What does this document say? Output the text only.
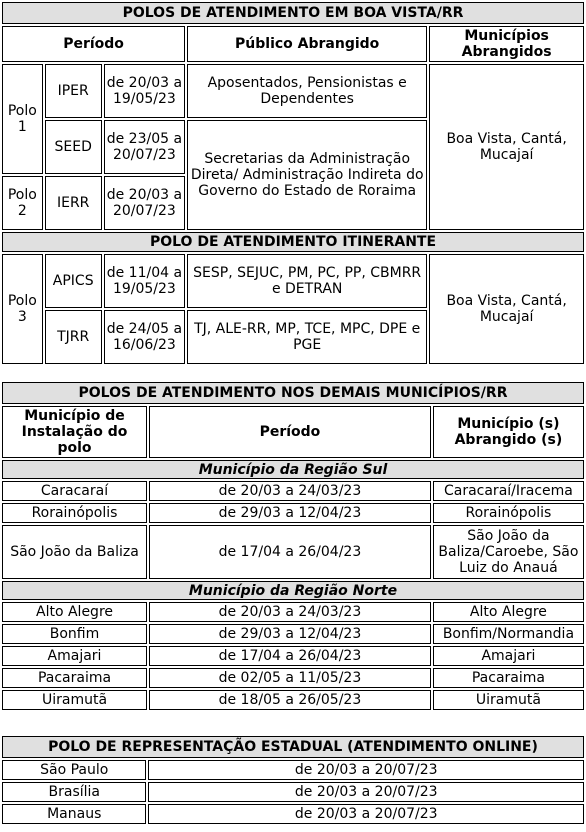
POLOS DE ATENDIMENTO EM BOA VISTA/RR				
Período			Público Abrangido	Municípios Abrangidos
Polo 1	IPER	de 20/03 a 19/05/23	Aposentados, Pensionistas e Dependentes	Boa Vista, Cantá, Mucajaí
	SEED	de 23/05 a 20/07/23	Secretarias da Administração Direta/ Administração Indireta do Governo do Estado de Roraima	
Polo 2	IERR	de 20/03 a 20/07/23		
POLO DE ATENDIMENTO ITINERANTE				
Polo 3	APICS	de 11/04 a 19/05/23	SESP, SEJUC, PM, PC, PP, CBMRR e DETRAN	Boa Vista, Cantá, Mucajaí
	TJRR	de 24/05 a 16/06/23	TJ, ALE-RR, MP, TCE, MPC, DPE e PGE	
POLOS DE ATENDIMENTO NOS DEMAIS MUNICÍPIOS/RR		
Município de Instalação do polo	Período	Município (s) Abrangido (s)
Município da Região Sul		
Caracaraí	de 20/03 a 24/03/23	Caracaraí/Iracema
Rorainópolis	de 29/03 a 12/04/23	Rorainópolis
São João da Baliza	de 17/04 a 26/04/23	São João da Baliza/Caroebe, São Luiz do Anauá
Município da Região Norte		
Alto Alegre	de 20/03 a 24/03/23	Alto Alegre
Bonfim	de 29/03 a 12/04/23	Bonfim/Normandia
Amajari	de 17/04 a 26/04/23	Amajari
Pacaraima	de 02/05 a 11/05/23	Pacaraima
Uiramutã	de 18/05 a 26/05/23	Uiramutã
POLO DE REPRESENTAÇÃO ESTADUAL (ATENDIMENTO ONLINE)	
São Paulo	de 20/03 a 20/07/23
Brasília	de 20/03 a 20/07/23
Manaus	de 20/03 a 20/07/23
